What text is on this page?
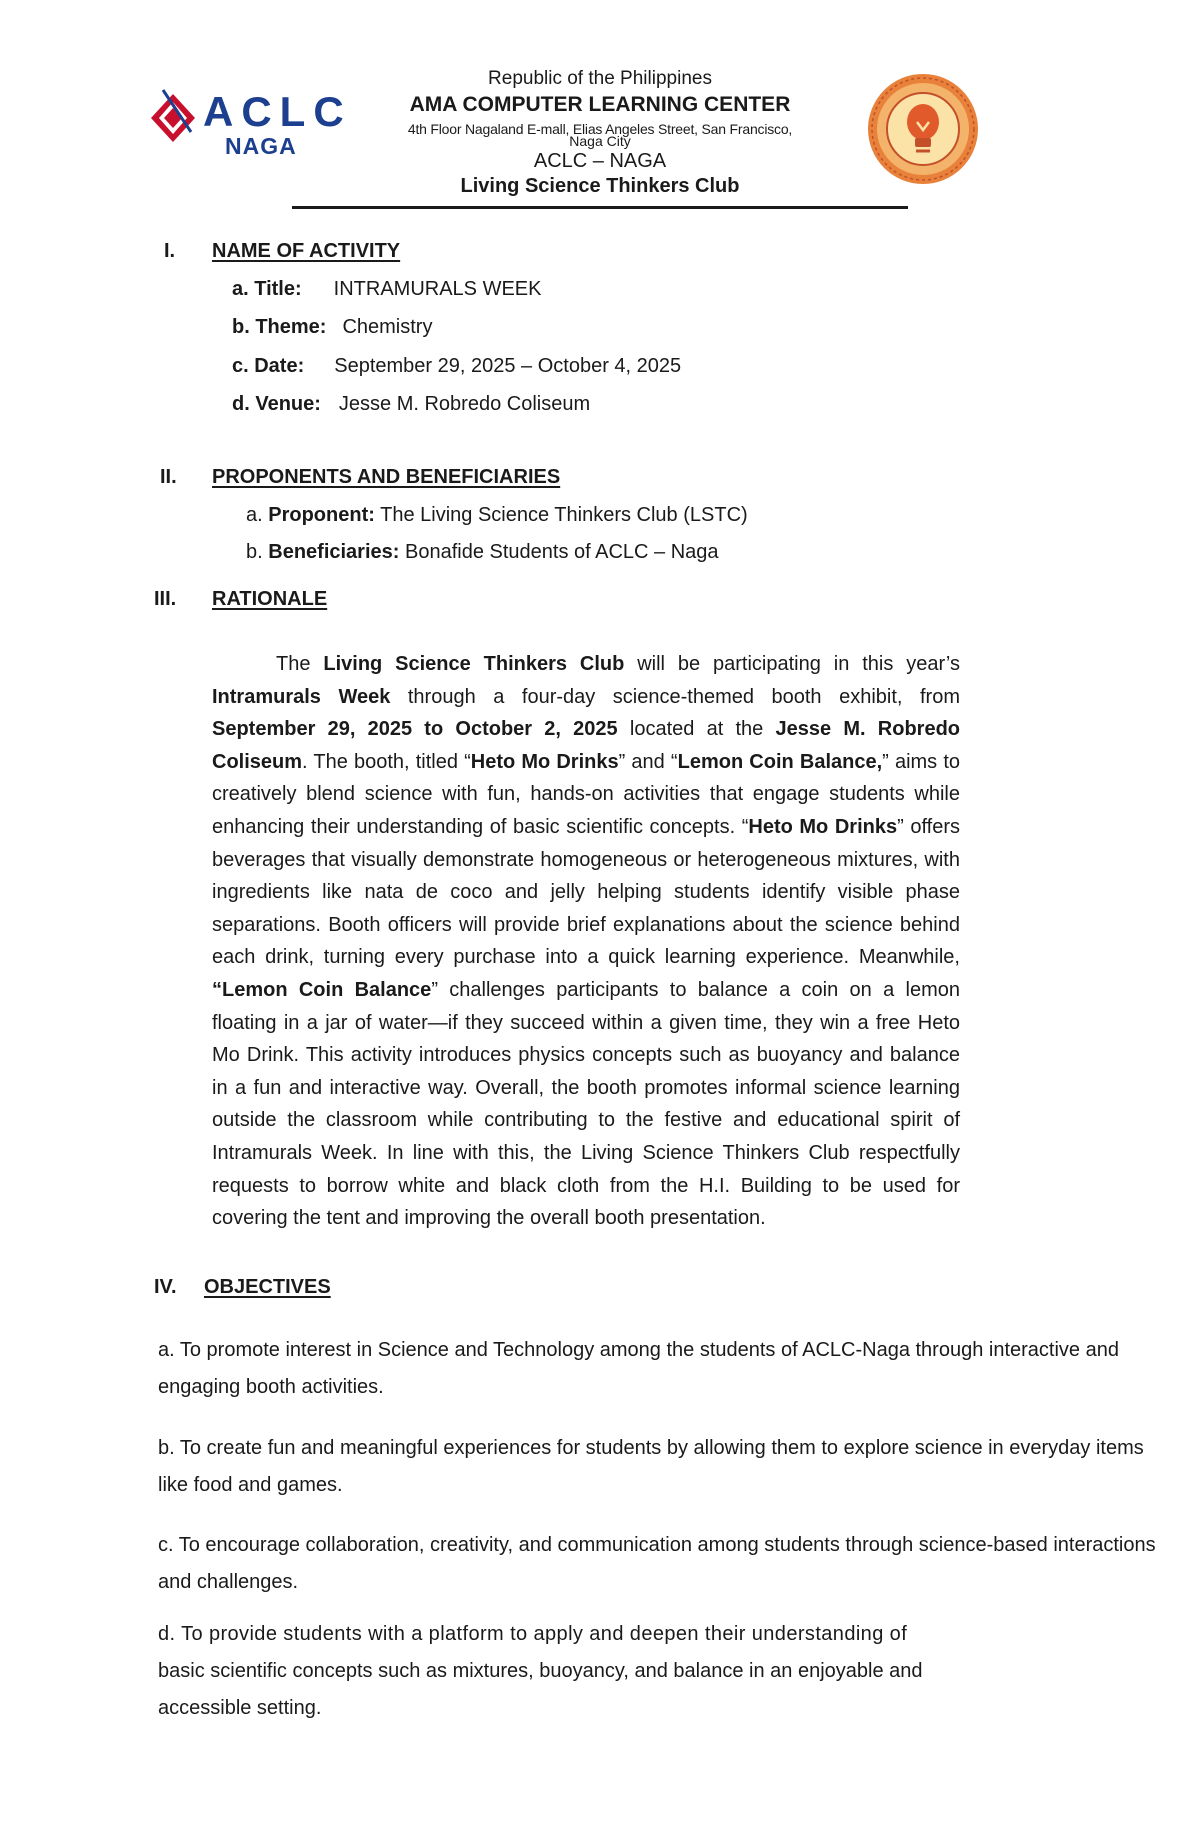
ACLC
NAGA
Republic of the Philippines
AMA COMPUTER LEARNING CENTER
4th Floor Nagaland E-mall, Elias Angeles Street, San Francisco,
Naga City
ACLC – NAGA
Living Science Thinkers Club
I. NAME OF ACTIVITY
a. Title: INTRAMURALS WEEK
b. Theme: Chemistry
c. Date: September 29, 2025 – October 4, 2025
d. Venue: Jesse M. Robredo Coliseum
II. PROPONENTS AND BENEFICIARIES
a. Proponent: The Living Science Thinkers Club (LSTC)
b. Beneficiaries: Bonafide Students of ACLC – Naga
III. RATIONALE

The Living Science Thinkers Club will be participating in this year’s Intramurals Week through a four-day science-themed booth exhibit, from September 29, 2025 to October 2, 2025 located at the Jesse M. Robredo Coliseum. The booth, titled “Heto Mo Drinks” and “Lemon Coin Balance,” aims to creatively blend science with fun, hands-on activities that engage students while enhancing their understanding of basic scientific concepts. “Heto Mo Drinks” offers beverages that visually demonstrate homogeneous or heterogeneous mixtures, with ingredients like nata de coco and jelly helping students identify visible phase separations. Booth officers will provide brief explanations about the science behind each drink, turning every purchase into a quick learning experience. Meanwhile, “Lemon Coin Balance” challenges participants to balance a coin on a lemon floating in a jar of water—if they succeed within a given time, they win a free Heto Mo Drink. This activity introduces physics concepts such as buoyancy and balance in a fun and interactive way. Overall, the booth promotes informal science learning outside the classroom while contributing to the festive and educational spirit of Intramurals Week. In line with this, the Living Science Thinkers Club respectfully requests to borrow white and black cloth from the H.I. Building to be used for covering the tent and improving the overall booth presentation.

IV. OBJECTIVES
a. To promote interest in Science and Technology among the students of ACLC-Naga through interactive and engaging booth activities.
b. To create fun and meaningful experiences for students by allowing them to explore science in everyday items like food and games.
c. To encourage collaboration, creativity, and communication among students through science-based interactions and challenges.
d. To provide students with a platform to apply and deepen their understanding of
basic scientific concepts such as mixtures, buoyancy, and balance in an enjoyable and
accessible setting.
